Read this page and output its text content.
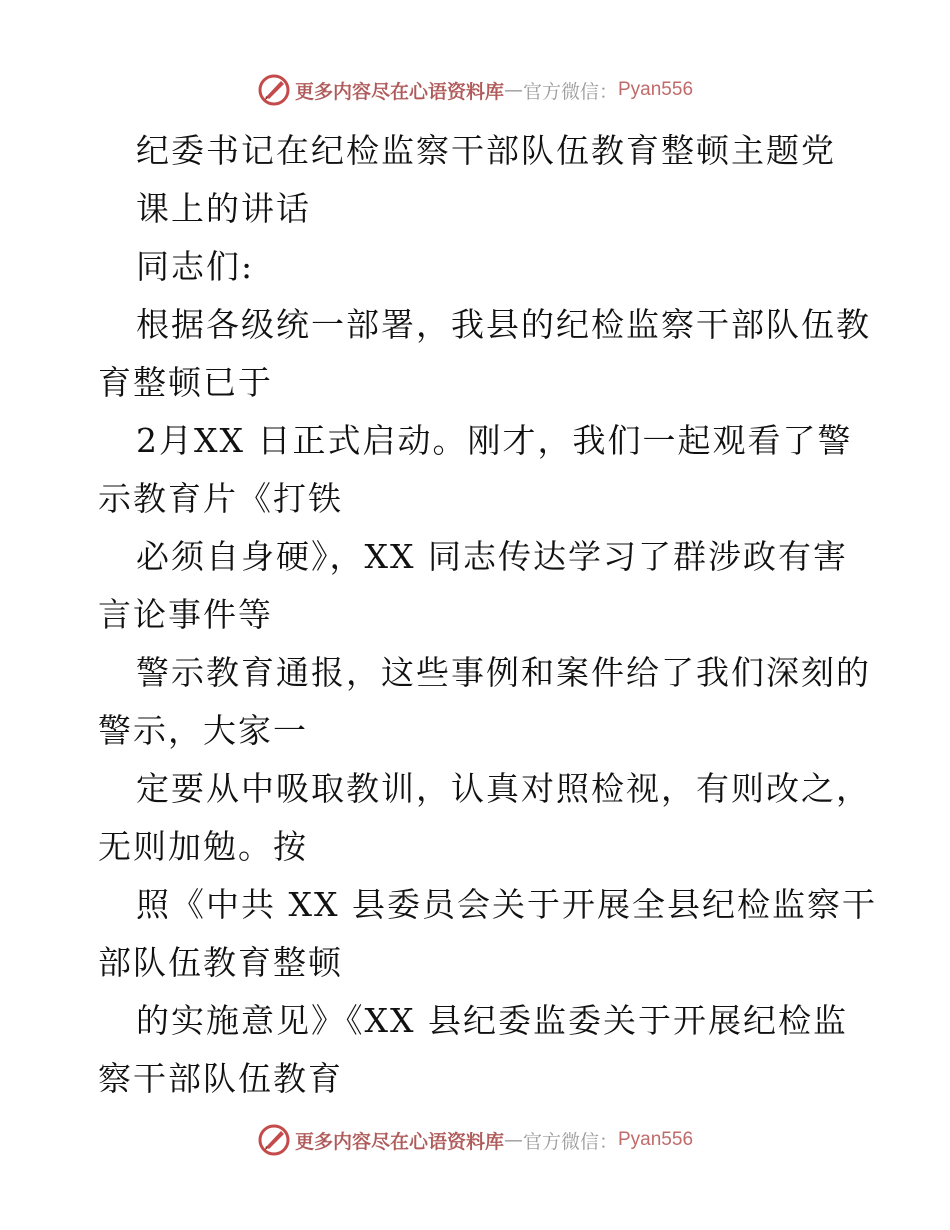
更多内容尽在心语资料库 — 官方微信： Pyan556
纪委书记在纪检监察干部队伍教育整顿主题党
课上的讲话
同志们:
根据各级统一部署，我县的纪检监察干部队伍教
育整顿已于
2月XX 日正式启动。刚才，我们一起观看了警
示教育片《打铁
必须自身硬》，XX 同志传达学习了群涉政有害
言论事件等
警示教育通报，这些事例和案件给了我们深刻的
警示，大家一
定要从中吸取教训，认真对照检视，有则改之，
无则加勉。按
照《中共 XX 县委员会关于开展全县纪检监察干
部队伍教育整顿
的实施意见》《XX 县纪委监委关于开展纪检监
察干部队伍教育
更多内容尽在心语资料库 — 官方微信： Pyan556
